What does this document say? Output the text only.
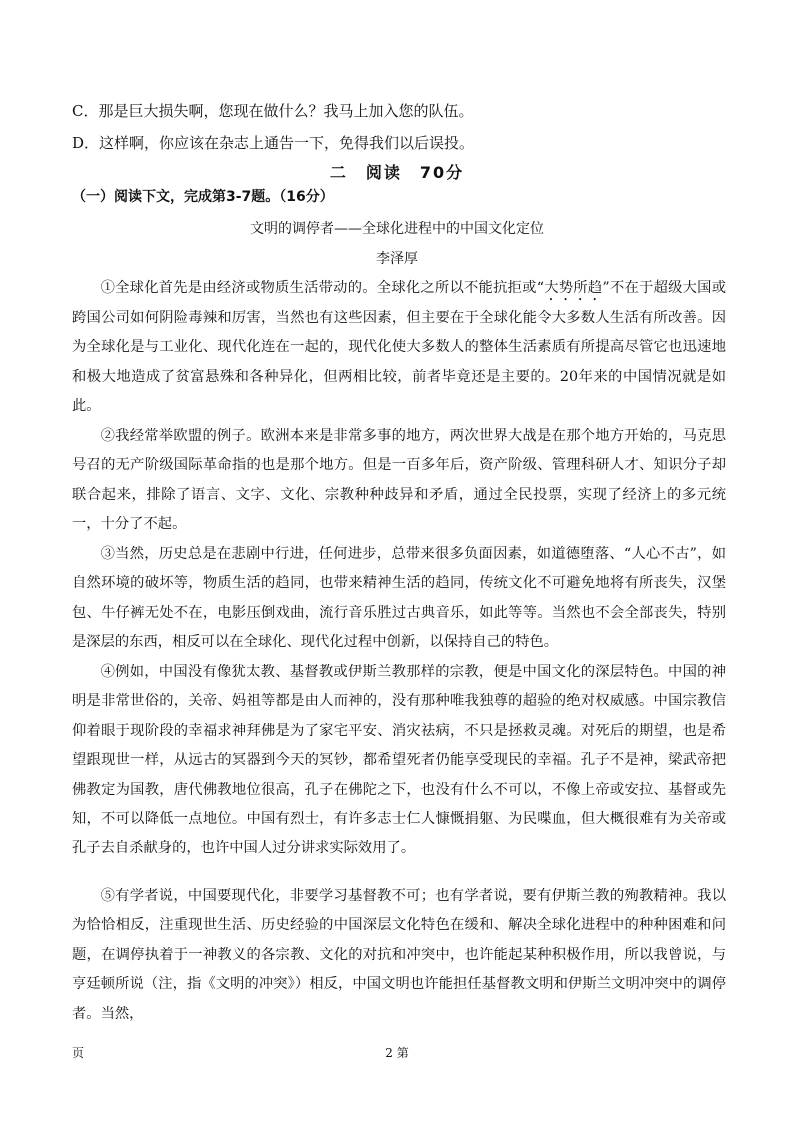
C．那是巨大损失啊，您现在做什么？我马上加入您的队伍。
D．这样啊，你应该在杂志上通告一下，免得我们以后误投。
二　阅读　70分
（一）阅读下文，完成第3-7题。（16分）
文明的调停者——全球化进程中的中国文化定位
李泽厚
①全球化首先是由经济或物质生活带动的。全球化之所以不能抗拒或“大势所趋”不在于超级大国或跨国公司如何阴险毒辣和厉害，当然也有这些因素，但主要在于全球化能令大多数人生活有所改善。因为全球化是与工业化、现代化连在一起的，现代化使大多数人的整体生活素质有所提高尽管它也迅速地和极大地造成了贫富悬殊和各种异化，但两相比较，前者毕竟还是主要的。20年来的中国情况就是如此。
②我经常举欧盟的例子。欧洲本来是非常多事的地方，两次世界大战是在那个地方开始的，马克思号召的无产阶级国际革命指的也是那个地方。但是一百多年后，资产阶级、管理科研人才、知识分子却联合起来，排除了语言、文字、文化、宗教种种歧异和矛盾，通过全民投票，实现了经济上的多元统一，十分了不起。
③当然，历史总是在悲剧中行进，任何进步，总带来很多负面因素，如道德堕落、“人心不古”，如自然环境的破坏等，物质生活的趋同，也带来精神生活的趋同，传统文化不可避免地将有所丧失，汉堡包、牛仔裤无处不在，电影压倒戏曲，流行音乐胜过古典音乐，如此等等。当然也不会全部丧失，特别是深层的东西，相反可以在全球化、现代化过程中创新，以保持自己的特色。
④例如，中国没有像犹太教、基督教或伊斯兰教那样的宗教，便是中国文化的深层特色。中国的神明是非常世俗的，关帝、妈祖等都是由人而神的，没有那种唯我独尊的超验的绝对权威感。中国宗教信仰着眼于现阶段的幸福求神拜佛是为了家宅平安、消灾祛病，不只是拯救灵魂。对死后的期望，也是希望跟现世一样，从远古的冥器到今天的冥钞，都希望死者仍能享受现民的幸福。孔子不是神，梁武帝把佛教定为国教，唐代佛教地位很高，孔子在佛陀之下，也没有什么不可以，不像上帝或安拉、基督或先知，不可以降低一点地位。中国有烈士，有许多志士仁人慷慨捐躯、为民喋血，但大概很难有为关帝或孔子去自杀献身的，也许中国人过分讲求实际效用了。
⑤有学者说，中国要现代化，非要学习基督教不可；也有学者说，要有伊斯兰教的殉教精神。我以为恰恰相反，注重现世生活、历史经验的中国深层文化特色在缓和、解决全球化进程中的种种困难和问题，在调停执着于一神教义的各宗教、文化的对抗和冲突中，也许能起某种积极作用，所以我曾说，与亨廷顿所说（注，指《文明的冲突》）相反，中国文明也许能担任基督教文明和伊斯兰文明冲突中的调停者。当然，
页	2 第
